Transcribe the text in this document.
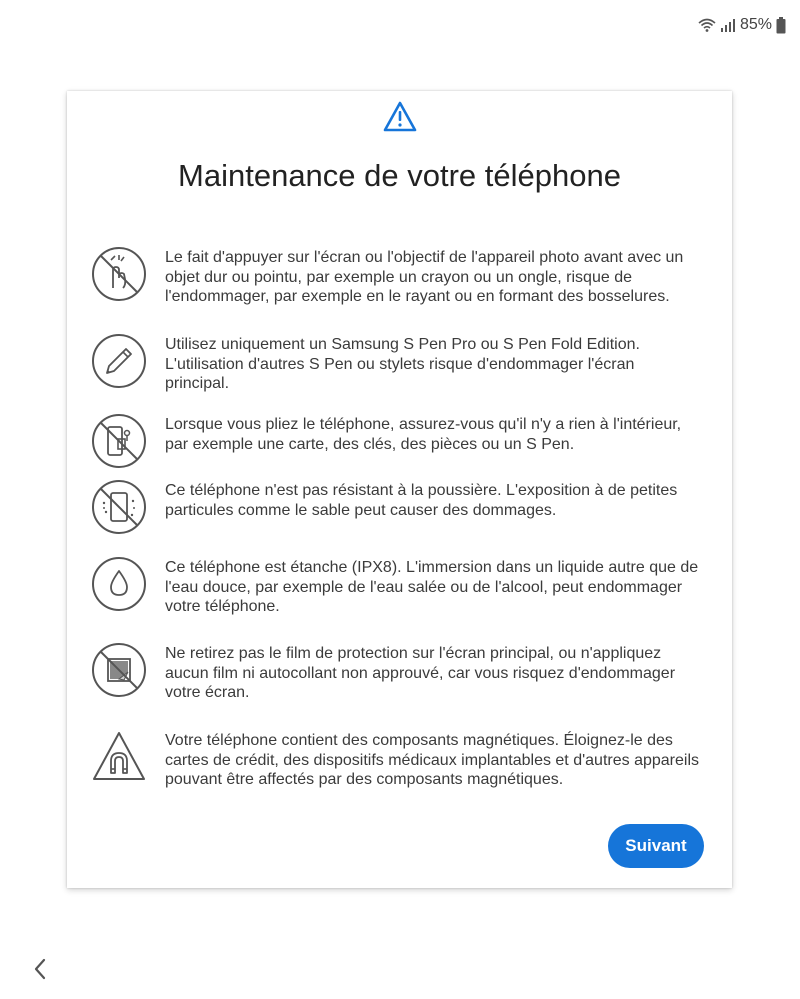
85%
Maintenance de votre téléphone

Le fait d'appuyer sur l'écran ou l'objectif de l'appareil photo avant avec un objet dur ou pointu, par exemple un crayon ou un ongle, risque de l'endommager, par exemple en le rayant ou en formant des bosselures.

Utilisez uniquement un Samsung S Pen Pro ou S Pen Fold Edition. L'utilisation d'autres S Pen ou stylets risque d'endommager l'écran principal.

Lorsque vous pliez le téléphone, assurez-vous qu'il n'y a rien à l'intérieur, par exemple une carte, des clés, des pièces ou un S Pen.

Ce téléphone n'est pas résistant à la poussière. L'exposition à de petites particules comme le sable peut causer des dommages.

Ce téléphone est étanche (IPX8). L'immersion dans un liquide autre que de l'eau douce, par exemple de l'eau salée ou de l'alcool, peut endommager votre téléphone.

Ne retirez pas le film de protection sur l'écran principal, ou n'appliquez aucun film ni autocollant non approuvé, car vous risquez d'endommager votre écran.

Votre téléphone contient des composants magnétiques. Éloignez-le des cartes de crédit, des dispositifs médicaux implantables et d'autres appareils pouvant être affectés par des composants magnétiques.

Suivant
